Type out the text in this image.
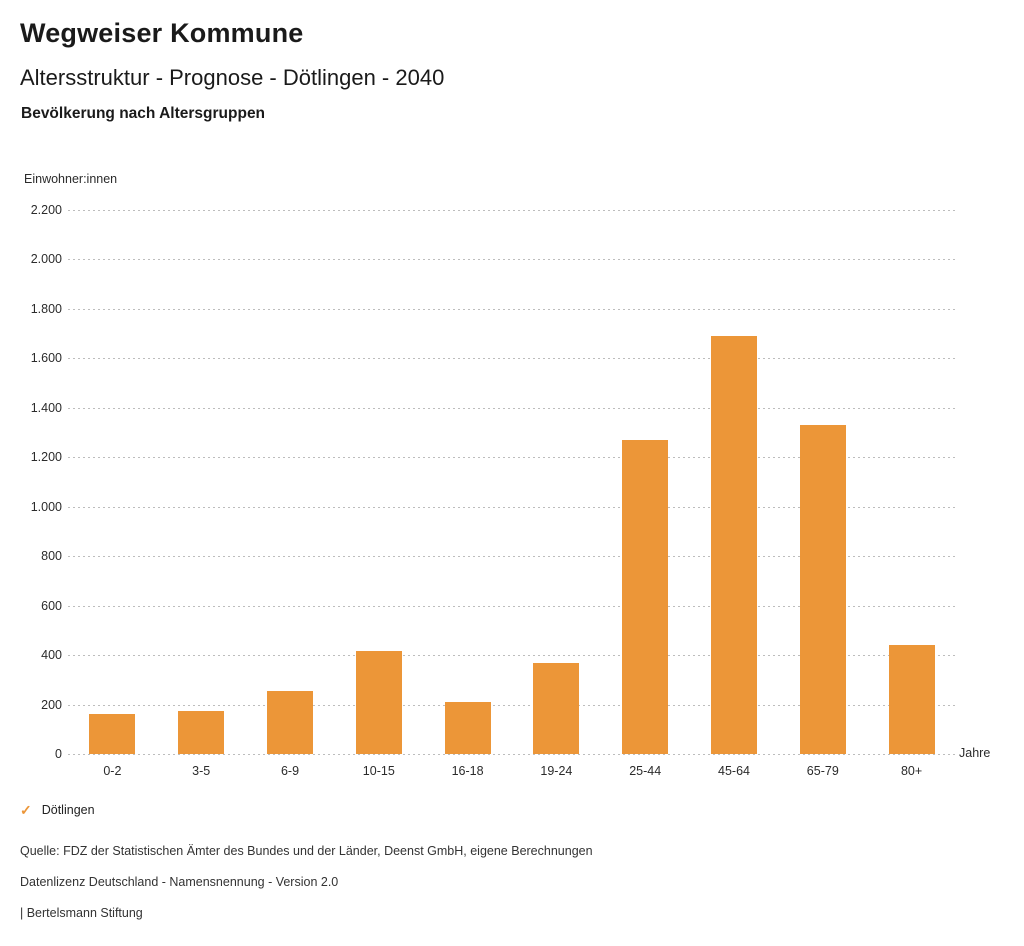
Wegweiser Kommune
Altersstruktur - Prognose - Dötlingen - 2040
Bevölkerung nach Altersgruppen
Einwohner:innen
2.200
2.000
1.800
1.600
1.400
1.200
1.000
800
600
400
200
0
0-2	3-5	6-9	10-15	16-18	19-24	25-44	45-64	65-79	80+
Jahre
✓ Dötlingen
Quelle: FDZ der Statistischen Ämter des Bundes und der Länder, Deenst GmbH, eigene Berechnungen
Datenlizenz Deutschland - Namensnennung - Version 2.0
| Bertelsmann Stiftung
